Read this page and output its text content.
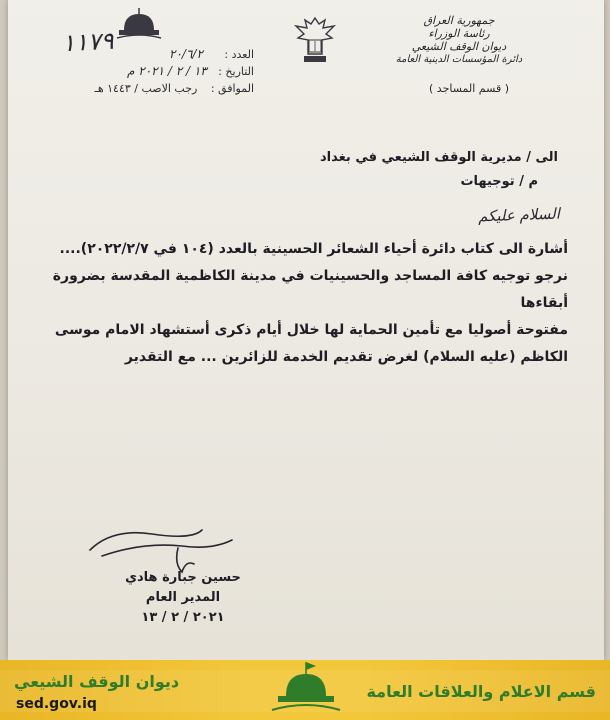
جمهورية العراق
رئاسة الوزراء
ديوان الوقف الشيعي
دائرة المؤسسات الدينية العامة
( قسم المساجد )
١١٧٩	العدد : ٢٠/٦/٢
التاريخ : ١٣ / ٢ / ٢٠٢١ م
الموافق : رجب الاصب / ١٤٤٣ هـ
الى / مديرية الوقف الشيعي في بغداد
م / توجيهات
السلام عليكم
أشارة الى كتاب دائرة أحياء الشعائر الحسينية بالعدد (١٠٤ في ٢٠٢٢/٢/٧)....
نرجو توجيه كافة المساجد والحسينيات في مدينة الكاظمية المقدسة بضرورة أبقاءها
مفتوحة أصوليا مع تأمين الحماية لها خلال أيام ذكرى أستشهاد الامام موسى
الكاظم (عليه السلام) لغرض تقديم الخدمة للزائرين ... مع التقدير
حسين جبارة هادي
المدير العام
٢٠٢١ / ٢ / ١٣
ديوان الوقف الشيعي
sed.gov.iq
قسم الاعلام والعلاقات العامة
